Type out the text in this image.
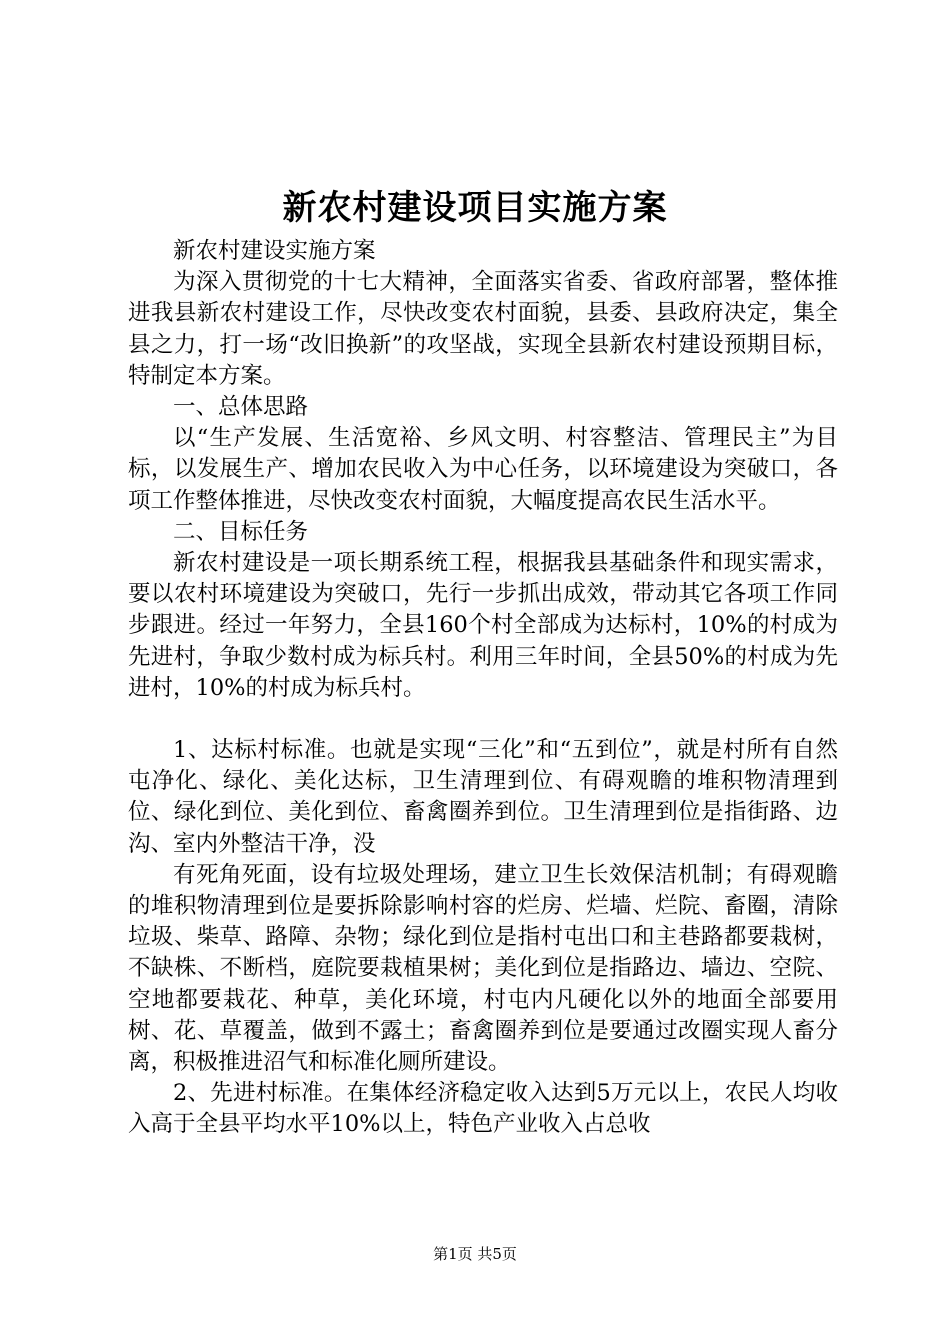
新农村建设项目实施方案

新农村建设实施方案

为深入贯彻党的十七大精神，全面落实省委、省政府部署，整体推进我县新农村建设工作，尽快改变农村面貌，县委、县政府决定，集全县之力，打一场“改旧换新”的攻坚战，实现全县新农村建设预期目标，特制定本方案。

一、总体思路

以“生产发展、生活宽裕、乡风文明、村容整洁、管理民主”为目标，以发展生产、增加农民收入为中心任务，以环境建设为突破口，各项工作整体推进，尽快改变农村面貌，大幅度提高农民生活水平。

二、目标任务

新农村建设是一项长期系统工程，根据我县基础条件和现实需求，要以农村环境建设为突破口，先行一步抓出成效，带动其它各项工作同步跟进。经过一年努力，全县160个村全部成为达标村，10%的村成为先进村，争取少数村成为标兵村。利用三年时间，全县50%的村成为先进村，10%的村成为标兵村。

1、达标村标准。也就是实现“三化”和“五到位”，就是村所有自然屯净化、绿化、美化达标，卫生清理到位、有碍观瞻的堆积物清理到位、绿化到位、美化到位、畜禽圈养到位。卫生清理到位是指街路、边沟、室内外整洁干净，没

有死角死面，设有垃圾处理场，建立卫生长效保洁机制；有碍观瞻的堆积物清理到位是要拆除影响村容的烂房、烂墙、烂院、畜圈，清除垃圾、柴草、路障、杂物；绿化到位是指村屯出口和主巷路都要栽树，不缺株、不断档，庭院要栽植果树；美化到位是指路边、墙边、空院、空地都要栽花、种草，美化环境，村屯内凡硬化以外的地面全部要用树、花、草覆盖，做到不露土；畜禽圈养到位是要通过改圈实现人畜分离，积极推进沼气和标准化厕所建设。

2、先进村标准。在集体经济稳定收入达到5万元以上，农民人均收入高于全县平均水平10%以上，特色产业收入占总收

第1页 共5页
